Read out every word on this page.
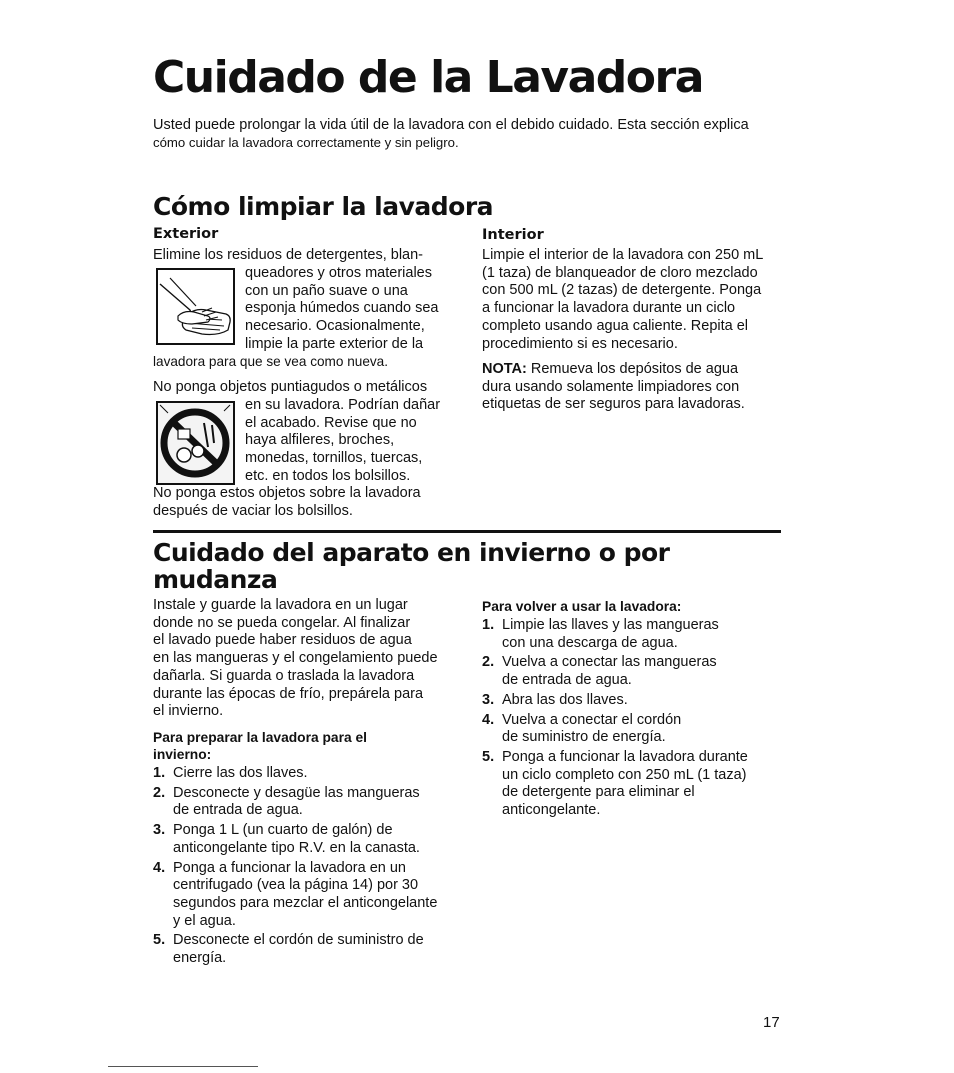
Cuidado de la Lavadora
Usted puede prolongar la vida útil de la lavadora con el debido cuidado. Esta sección explica
cómo cuidar la lavadora correctamente y sin peligro.
Cómo limpiar la lavadora
Exterior
Elimine los residuos de detergentes, blan-
queadores y otros materiales
con un paño suave o una
esponja húmedos cuando sea
necesario. Ocasionalmente,
limpie la parte exterior de la
lavadora para que se vea como nueva.
No ponga objetos puntiagudos o metálicos
en su lavadora. Podrían dañar
el acabado. Revise que no
haya alfileres, broches,
monedas, tornillos, tuercas,
etc. en todos los bolsillos.
No ponga estos objetos sobre la lavadora
después de vaciar los bolsillos.
Interior
Limpie el interior de la lavadora con 250 mL
(1 taza) de blanqueador de cloro mezclado
con 500 mL (2 tazas) de detergente. Ponga
a funcionar la lavadora durante un ciclo
completo usando agua caliente. Repita el
procedimiento si es necesario.
NOTA: Remueva los depósitos de agua
dura usando solamente limpiadores con
etiquetas de ser seguros para lavadoras.
Cuidado del aparato en invierno o por
mudanza
Instale y guarde la lavadora en un lugar
donde no se pueda congelar. Al finalizar
el lavado puede haber residuos de agua
en las mangueras y el congelamiento puede
dañarla. Si guarda o traslada la lavadora
durante las épocas de frío, prepárela para
el invierno.
Para preparar la lavadora para el
invierno:
1. Cierre las dos llaves.
2. Desconecte y desagüe las mangueras
de entrada de agua.
3. Ponga 1 L (un cuarto de galón) de
anticongelante tipo R.V. en la canasta.
4. Ponga a funcionar la lavadora en un
centrifugado (vea la página 14) por 30
segundos para mezclar el anticongelante
y el agua.
5. Desconecte el cordón de suministro de
energía.
Para volver a usar la lavadora:
1. Limpie las llaves y las mangueras
con una descarga de agua.
2. Vuelva a conectar las mangueras
de entrada de agua.
3. Abra las dos llaves.
4. Vuelva a conectar el cordón
de suministro de energía.
5. Ponga a funcionar la lavadora durante
un ciclo completo con 250 mL (1 taza)
de detergente para eliminar el
anticongelante.
17
